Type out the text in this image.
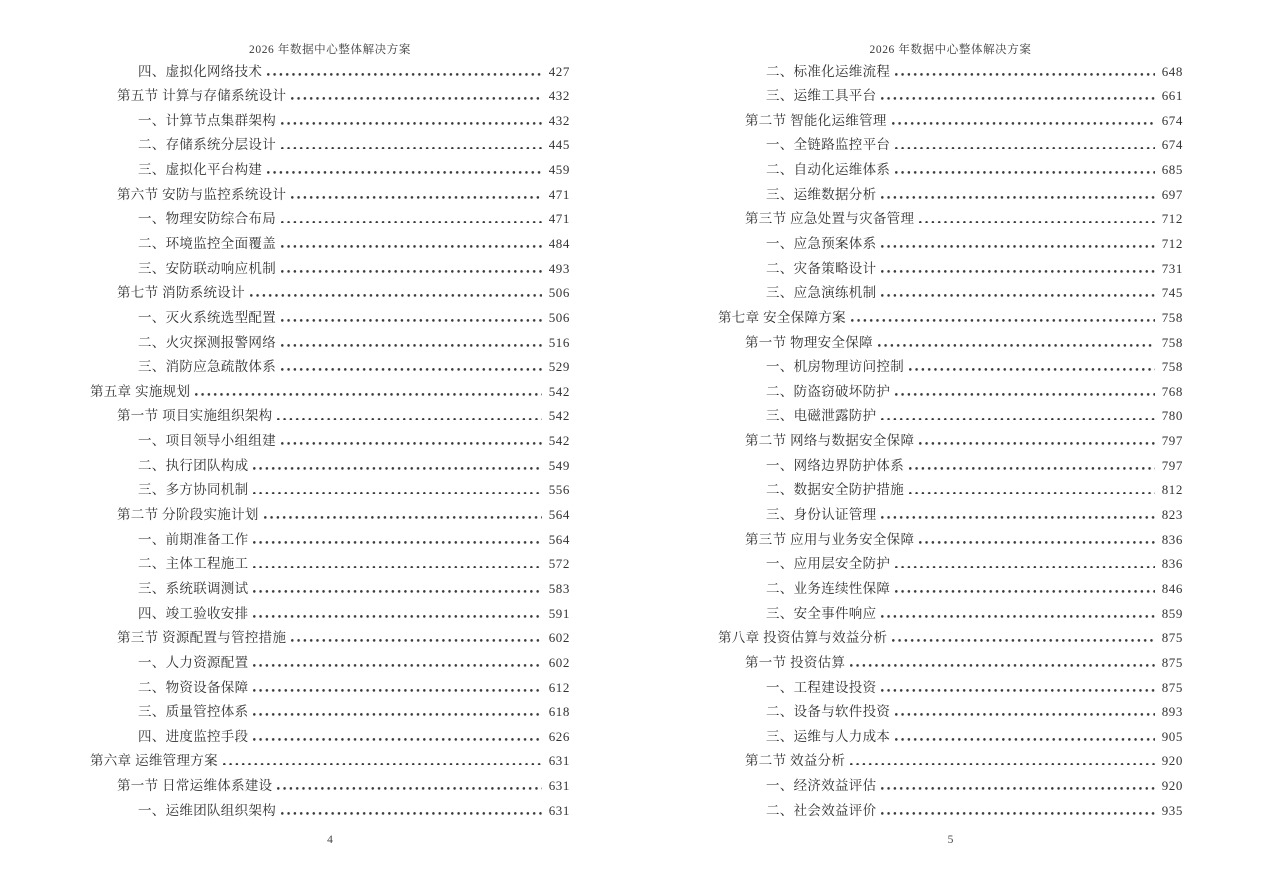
2026 年数据中心整体解决方案
四、虚拟化网络技术	427
第五节 计算与存储系统设计	432
一、计算节点集群架构	432
二、存储系统分层设计	445
三、虚拟化平台构建	459
第六节 安防与监控系统设计	471
一、物理安防综合布局	471
二、环境监控全面覆盖	484
三、安防联动响应机制	493
第七节 消防系统设计	506
一、灭火系统选型配置	506
二、火灾探测报警网络	516
三、消防应急疏散体系	529
第五章 实施规划	542
第一节 项目实施组织架构	542
一、项目领导小组组建	542
二、执行团队构成	549
三、多方协同机制	556
第二节 分阶段实施计划	564
一、前期准备工作	564
二、主体工程施工	572
三、系统联调测试	583
四、竣工验收安排	591
第三节 资源配置与管控措施	602
一、人力资源配置	602
二、物资设备保障	612
三、质量管控体系	618
四、进度监控手段	626
第六章 运维管理方案	631
第一节 日常运维体系建设	631
一、运维团队组织架构	631
4
2026 年数据中心整体解决方案
二、标准化运维流程	648
三、运维工具平台	661
第二节 智能化运维管理	674
一、全链路监控平台	674
二、自动化运维体系	685
三、运维数据分析	697
第三节 应急处置与灾备管理	712
一、应急预案体系	712
二、灾备策略设计	731
三、应急演练机制	745
第七章 安全保障方案	758
第一节 物理安全保障	758
一、机房物理访问控制	758
二、防盗窃破坏防护	768
三、电磁泄露防护	780
第二节 网络与数据安全保障	797
一、网络边界防护体系	797
二、数据安全防护措施	812
三、身份认证管理	823
第三节 应用与业务安全保障	836
一、应用层安全防护	836
二、业务连续性保障	846
三、安全事件响应	859
第八章 投资估算与效益分析	875
第一节 投资估算	875
一、工程建设投资	875
二、设备与软件投资	893
三、运维与人力成本	905
第二节 效益分析	920
一、经济效益评估	920
二、社会效益评价	935
5
